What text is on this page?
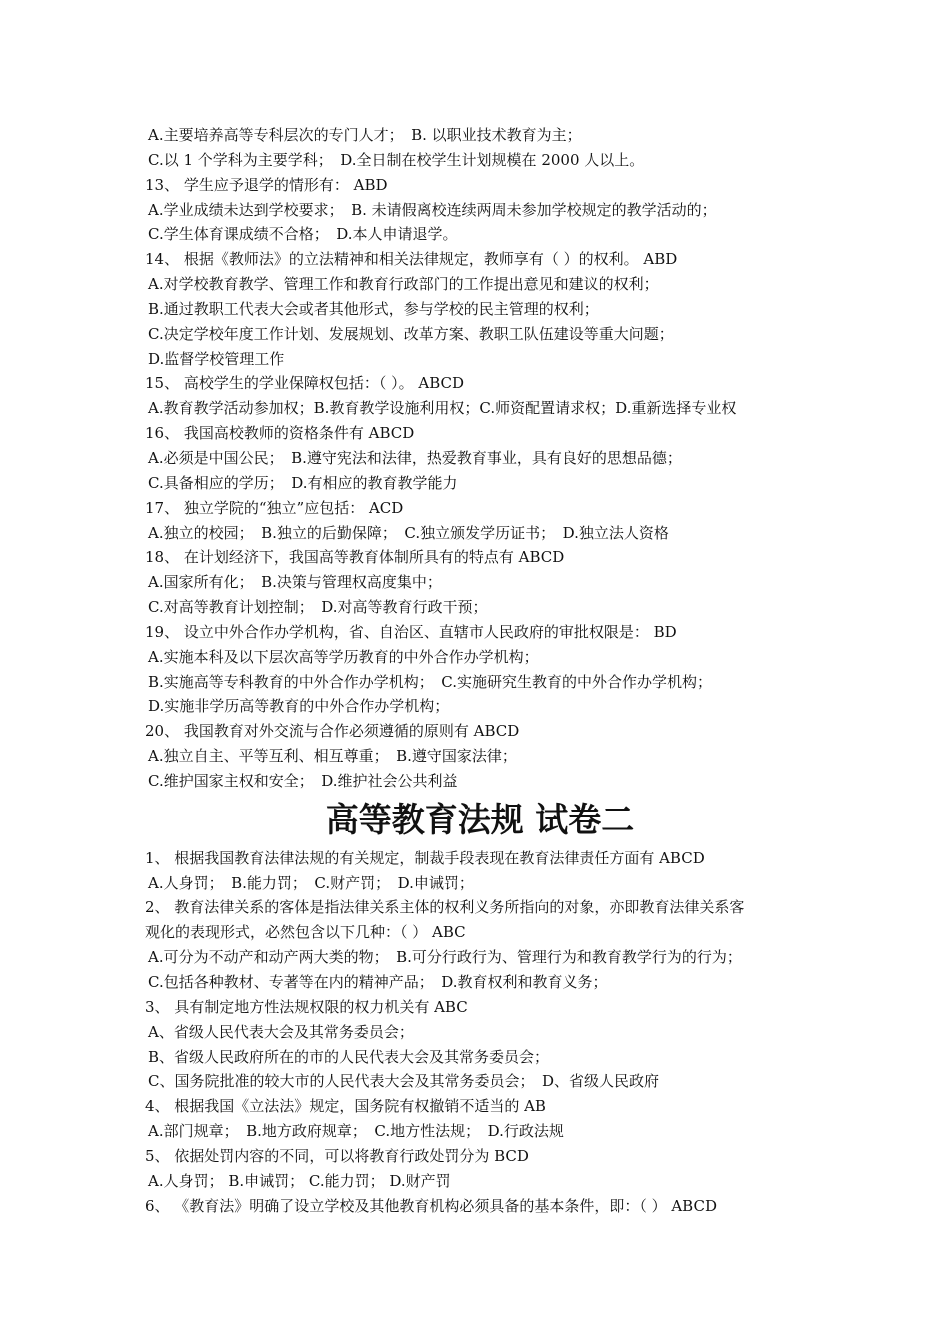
A.主要培养高等专科层次的专门人才；　B. 以职业技术教育为主；
C.以 1 个学科为主要学科；　D.全日制在校学生计划规模在 2000 人以上。
13、 学生应予退学的情形有： ABD
A.学业成绩未达到学校要求；　B. 未请假离校连续两周未参加学校规定的教学活动的；
C.学生体育课成绩不合格；　D.本人申请退学。
14、 根据《教师法》的立法精神和相关法律规定，教师享有（ ）的权利。 ABD
A.对学校教育教学、管理工作和教育行政部门的工作提出意见和建议的权利；
B.通过教职工代表大会或者其他形式，参与学校的民主管理的权利；
C.决定学校年度工作计划、发展规划、改革方案、教职工队伍建设等重大问题；
D.监督学校管理工作
15、 高校学生的学业保障权包括：（ ）。 ABCD
A.教育教学活动参加权；B.教育教学设施利用权；C.师资配置请求权；D.重新选择专业权
16、 我国高校教师的资格条件有 ABCD
A.必须是中国公民；　B.遵守宪法和法律，热爱教育事业，具有良好的思想品德；
C.具备相应的学历；　D.有相应的教育教学能力
17、 独立学院的“独立”应包括： ACD
A.独立的校园；　B.独立的后勤保障；　C.独立颁发学历证书；　D.独立法人资格
18、 在计划经济下，我国高等教育体制所具有的特点有 ABCD
A.国家所有化；　B.决策与管理权高度集中；
C.对高等教育计划控制；　D.对高等教育行政干预；
19、 设立中外合作办学机构，省、自治区、直辖市人民政府的审批权限是： BD
A.实施本科及以下层次高等学历教育的中外合作办学机构；
B.实施高等专科教育的中外合作办学机构；　C.实施研究生教育的中外合作办学机构；
D.实施非学历高等教育的中外合作办学机构；
20、 我国教育对外交流与合作必须遵循的原则有 ABCD
A.独立自主、平等互利、相互尊重；　B.遵守国家法律；
C.维护国家主权和安全；　D.维护社会公共利益
高等教育法规 试卷二
1、 根据我国教育法律法规的有关规定，制裁手段表现在教育法律责任方面有 ABCD
A.人身罚；　B.能力罚；　C.财产罚；　D.申诫罚；
2、 教育法律关系的客体是指法律关系主体的权利义务所指向的对象，亦即教育法律关系客
观化的表现形式，必然包含以下几种：（ ） ABC
A.可分为不动产和动产两大类的物；　B.可分行政行为、管理行为和教育教学行为的行为；
C.包括各种教材、专著等在内的精神产品；　D.教育权利和教育义务；
3、 具有制定地方性法规权限的权力机关有 ABC
A、省级人民代表大会及其常务委员会；
B、省级人民政府所在的市的人民代表大会及其常务委员会；
C、国务院批准的较大市的人民代表大会及其常务委员会；　D、省级人民政府
4、 根据我国《立法法》规定，国务院有权撤销不适当的 AB
A.部门规章；　B.地方政府规章；　C.地方性法规；　D.行政法规
5、 依据处罚内容的不同，可以将教育行政处罚分为 BCD
A.人身罚； B.申诫罚； C.能力罚； D.财产罚
6、 《教育法》明确了设立学校及其他教育机构必须具备的基本条件，即：（ ） ABCD
